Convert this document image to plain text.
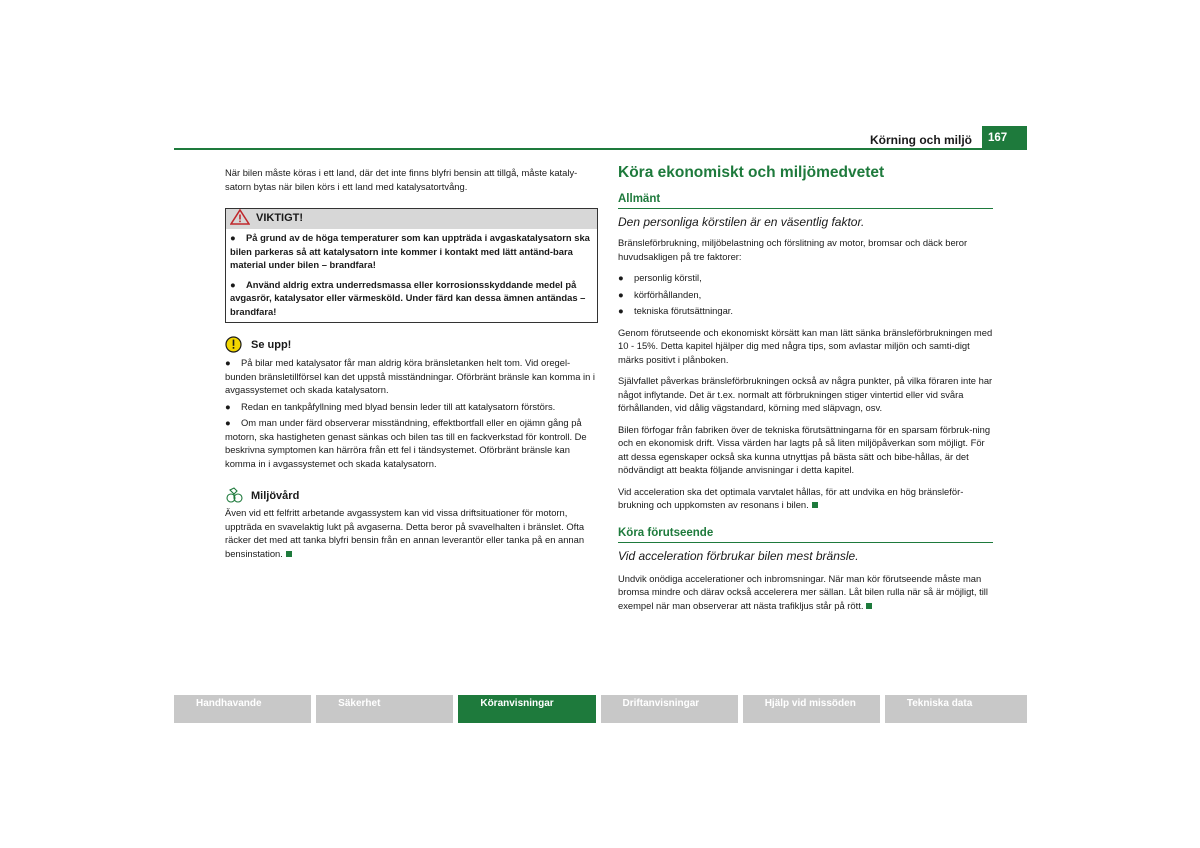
Körning och miljö	167
När bilen måste köras i ett land, där det inte finns blyfri bensin att tillgå, måste kataly-satorn bytas när bilen körs i ett land med katalysatortvång.
VIKTIGT!
● På grund av de höga temperaturer som kan uppträda i avgaskatalysatorn ska bilen parkeras så att katalysatorn inte kommer i kontakt med lätt antänd-bara material under bilen – brandfara!
● Använd aldrig extra underredsmassa eller korrosionsskyddande medel på avgasrör, katalysator eller värmesköld. Under färd kan dessa ämnen antändas – brandfara!
Se upp!
● På bilar med katalysator får man aldrig köra bränsletanken helt tom. Vid oregel-bunden bränsletillförsel kan det uppstå misständningar. Oförbränt bränsle kan komma in i avgassystemet och skada katalysatorn.
● Redan en tankpåfyllning med blyad bensin leder till att katalysatorn förstörs.
● Om man under färd observerar misständning, effektbortfall eller en ojämn gång på motorn, ska hastigheten genast sänkas och bilen tas till en fackverkstad för kontroll. De beskrivna symptomen kan härröra från ett fel i tändsystemet. Oförbränt bränsle kan komma in i avgassystemet och skada katalysatorn.
Miljövård
Även vid ett felfritt arbetande avgassystem kan vid vissa driftsituationer för motorn, uppträda en svavelaktig lukt på avgaserna. Detta beror på svavelhalten i bränslet. Ofta räcker det med att tanka blyfri bensin från en annan leverantör eller tanka på en annan bensinstation.
Köra ekonomiskt och miljömedvetet
Allmänt
Den personliga körstilen är en väsentlig faktor.
Bränsleförbrukning, miljöbelastning och förslitning av motor, bromsar och däck beror huvudsakligen på tre faktorer:
● personlig körstil,
● körförhållanden,
● tekniska förutsättningar.
Genom förutseende och ekonomiskt körsätt kan man lätt sänka bränsleförbrukningen med 10 - 15%. Detta kapitel hjälper dig med några tips, som avlastar miljön och samti-digt märks positivt i plånboken.
Självfallet påverkas bränsleförbrukningen också av några punkter, på vilka föraren inte har något inflytande. Det är t.ex. normalt att förbrukningen stiger vintertid eller vid svåra förhållanden, vid dålig vägstandard, körning med släpvagn, osv.
Bilen förfogar från fabriken över de tekniska förutsättningarna för en sparsam förbruk-ning och en ekonomisk drift. Vissa värden har lagts på så liten miljöpåverkan som möjligt. För att dessa egenskaper också ska kunna utnyttjas på bästa sätt och bibe-hållas, är det nödvändigt att beakta följande anvisningar i detta kapitel.
Vid acceleration ska det optimala varvtalet hållas, för att undvika en hög bränsleför-brukning och uppkomsten av resonans i bilen.
Köra förutseende
Vid acceleration förbrukar bilen mest bränsle.
Undvik onödiga accelerationer och inbromsningar. När man kör förutseende måste man bromsa mindre och därav också accelerera mer sällan. Låt bilen rulla när så är möjligt, till exempel när man observerar att nästa trafikljus står på rött.
Handhavande	Säkerhet	Köranvisningar	Driftanvisningar	Hjälp vid missöden	Tekniska data
